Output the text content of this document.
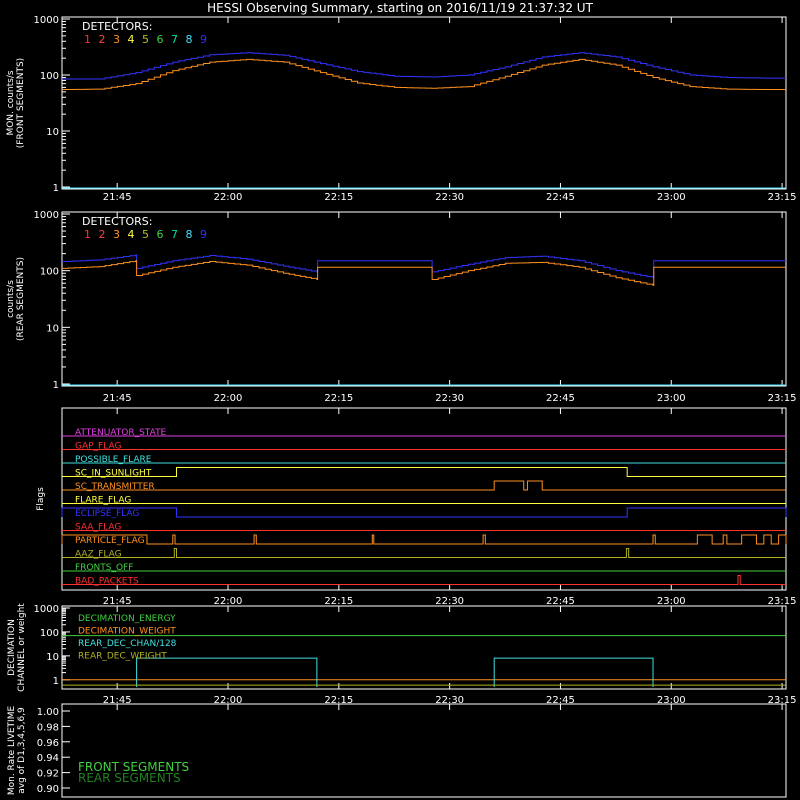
HESSI Observing Summary, starting on 2016/11/19 21:37:32 UT
21:45	22:00	22:15	22:30	22:45	23:00	23:15
1
10
100
1000
MON. counts/s (FRONT SEGMENTS)
DETECTORS:
1 2 3 4 5 6 7 8 9
21:45	22:00	22:15	22:30	22:45	23:00	23:15
1
10
100
1000
counts/s (REAR SEGMENTS)
DETECTORS:
1 2 3 4 5 6 7 8 9
21:45	22:00	22:15	22:30	22:45	23:00	23:15
Flags
ATTENUATOR_STATE
GAP_FLAG
POSSIBLE_FLARE
SC_IN_SUNLIGHT
SC_TRANSMITTER
FLARE_FLAG
ECLIPSE_FLAG
SAA_FLAG
PARTICLE_FLAG
AAZ_FLAG
FRONTS_OFF
BAD_PACKETS
21:45	22:00	22:15	22:30	22:45	23:00	23:15
1
10
100
1000
DECIMATION CHANNEL or weight	DECIMATION_ENERGY
DECIMATION_WEIGHT
REAR_DEC_CHAN/128
REAR_DEC_WEIGHT
0.90
0.92
0.94
0.96
0.98
1.00
Mon. Rate LIVETIME avg of D1,3,4,5,6,9	FRONT SEGMENTS
REAR SEGMENTS
